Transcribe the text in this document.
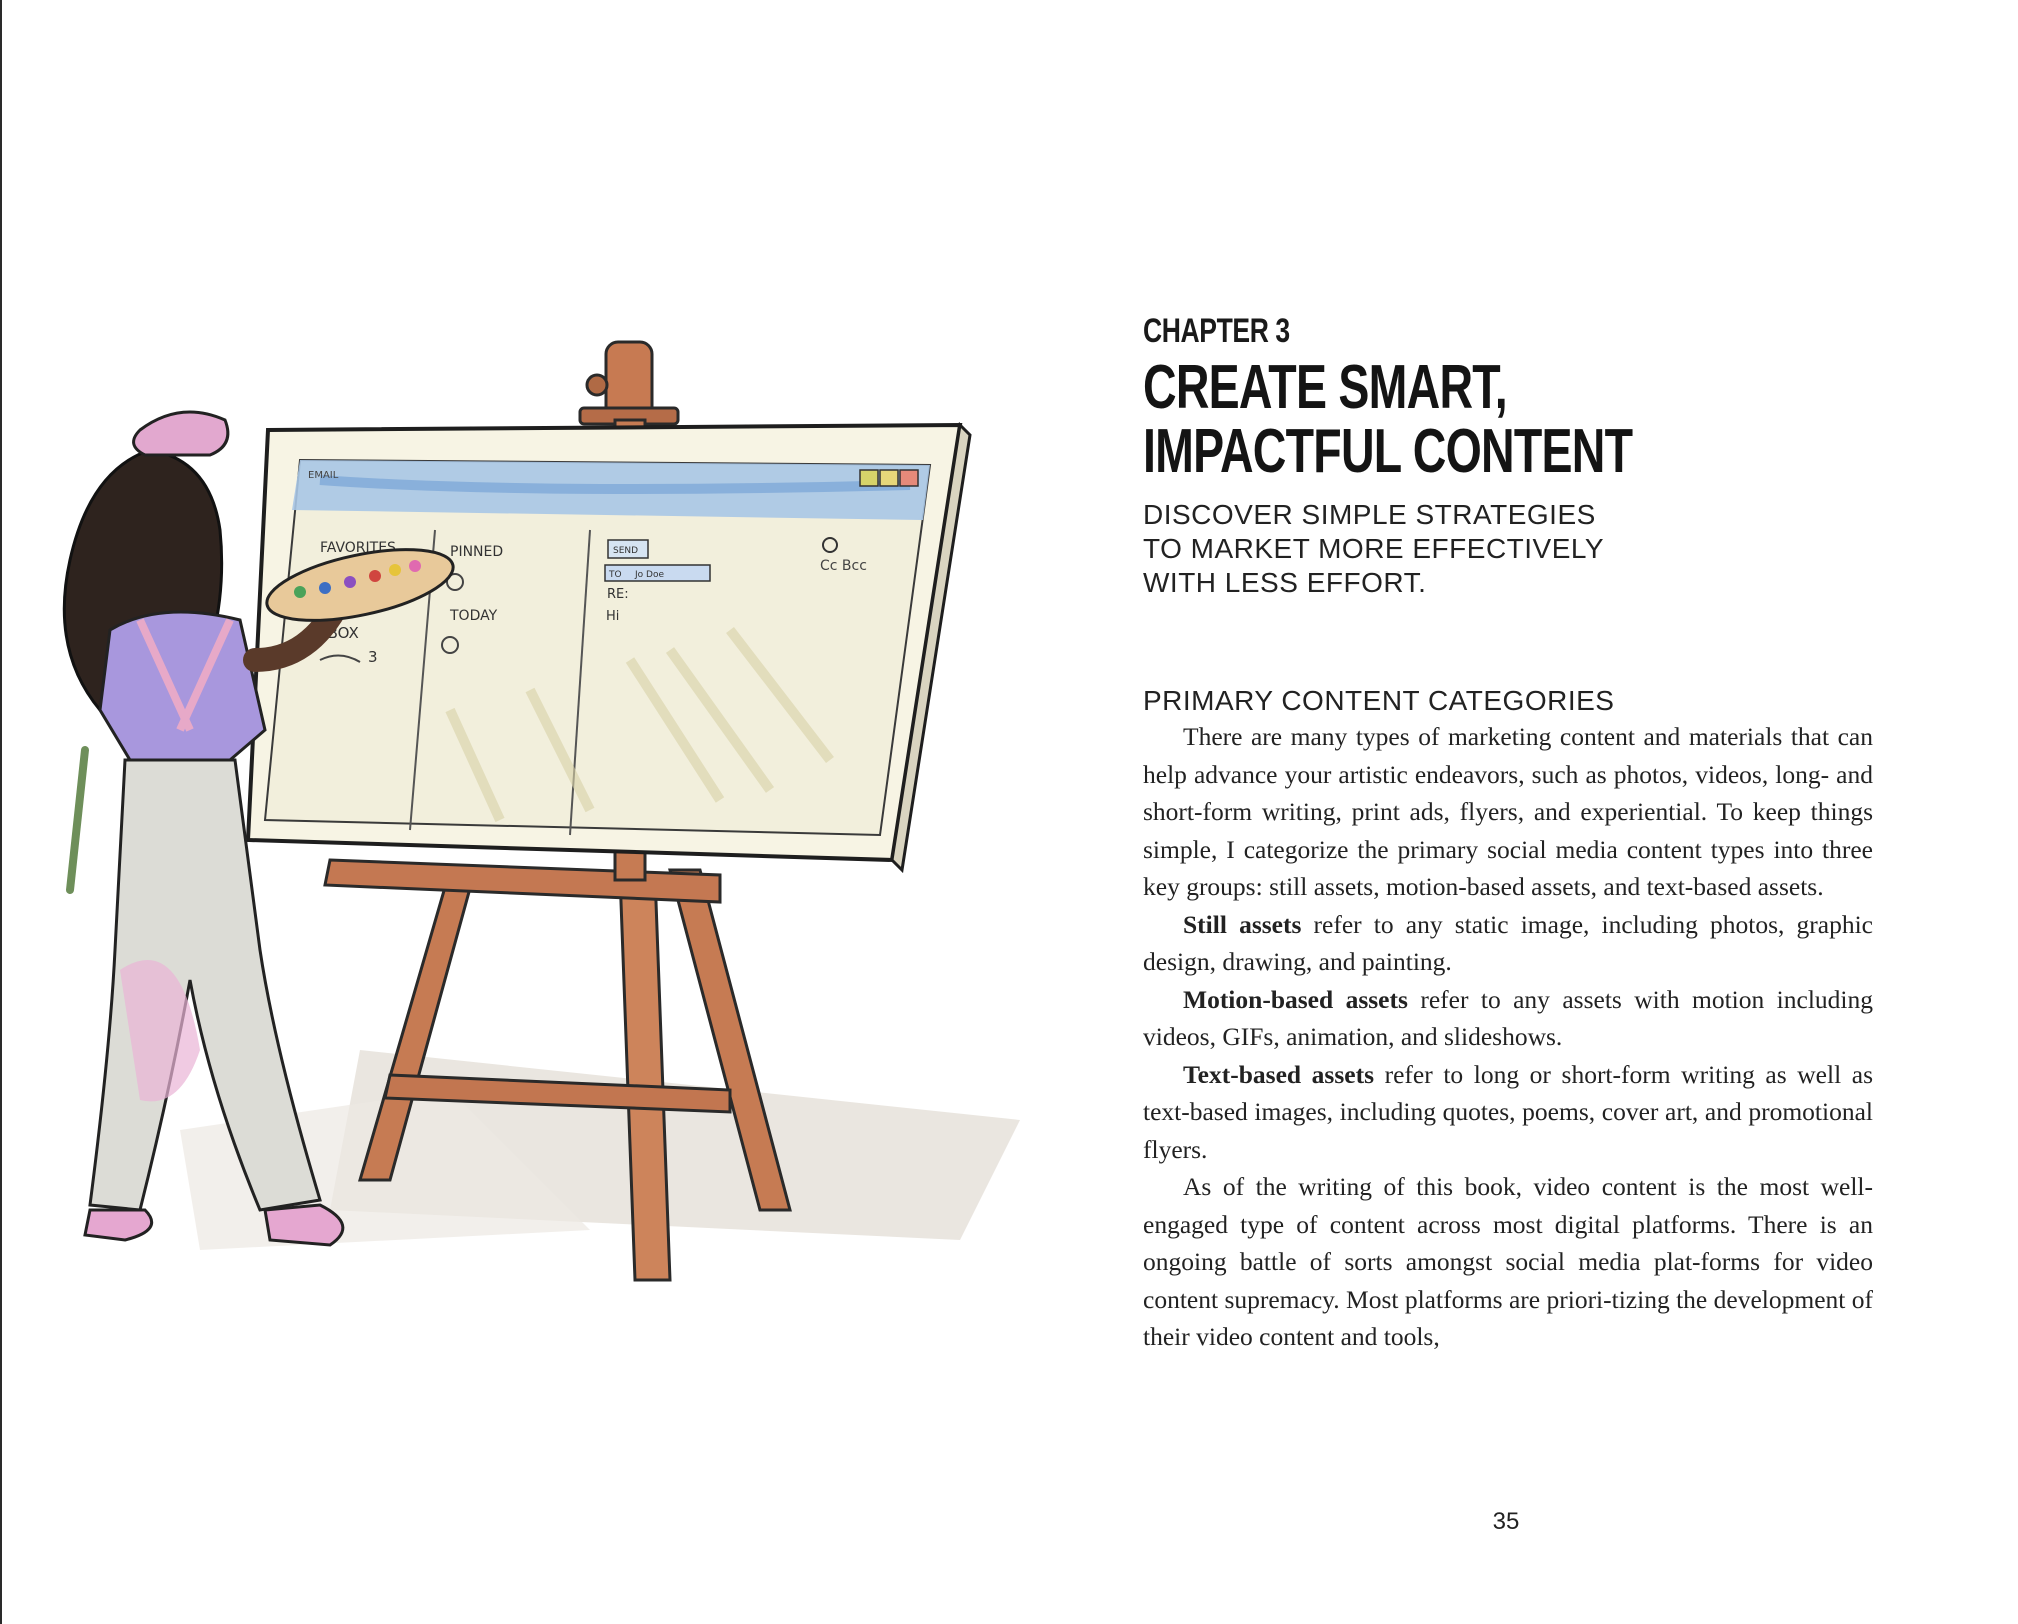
EMAIL
FAVORITES	PINNED
TODAY
INBOX
3
SEND
TO Jo Doe
RE:
Hi
Cc Bcc
CHAPTER 3
CREATE SMART,
IMPACTFUL CONTENT
DISCOVER SIMPLE STRATEGIES
TO MARKET MORE EFFECTIVELY
WITH LESS EFFORT.
PRIMARY CONTENT CATEGORIES

There are many types of marketing content and materials that can help advance your artistic endeavors, such as photos, videos, long- and short-form writing, print ads, flyers, and experiential. To keep things simple, I categorize the primary social media content types into three key groups: still assets, motion-based assets, and text-based assets.

Still assets refer to any static image, including photos, graphic design, drawing, and painting.

Motion-based assets refer to any assets with motion including videos, GIFs, animation, and slideshows.

Text-based assets refer to long or short-form writing as well as text-based images, including quotes, poems, cover art, and promotional flyers.

As of the writing of this book, video content is the most well-engaged type of content across most digital platforms. There is an ongoing battle of sorts amongst social media plat-forms for video content supremacy. Most platforms are priori-tizing the development of their video content and tools,

35
